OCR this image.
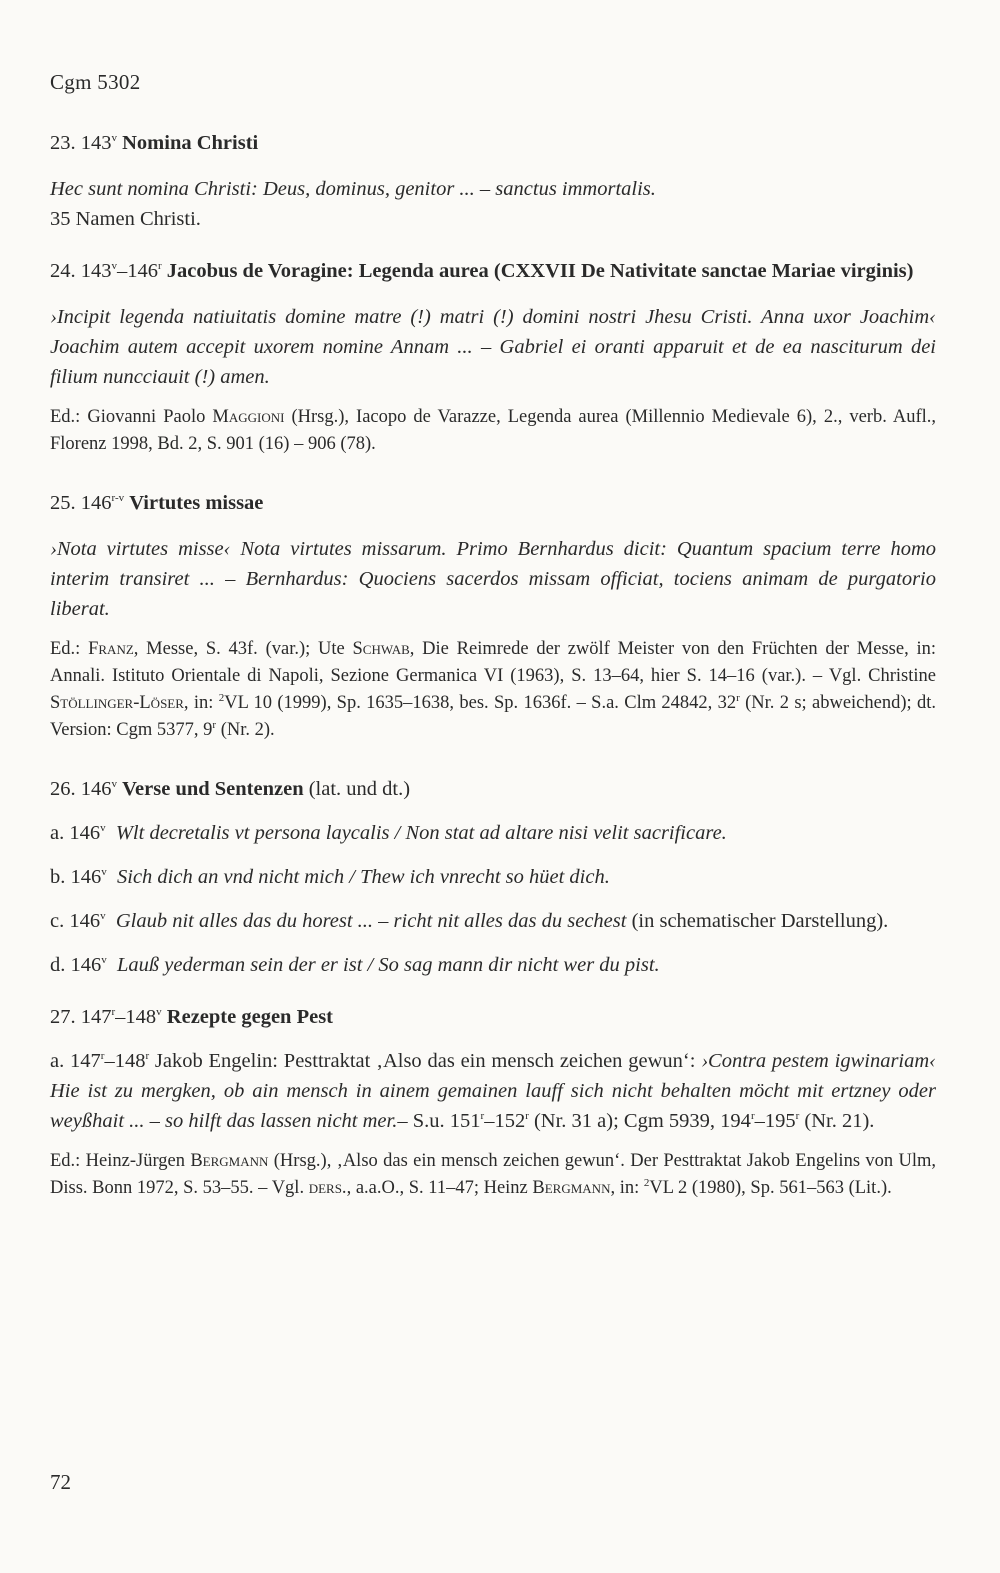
Cgm 5302
23. 143$^v$ Nomina Christi

Hec sunt nomina Christi: Deus, dominus, genitor ... – sanctus immortalis.

35 Namen Christi.

24. 143$^v$–146$^r$ Jacobus de Voragine: Legenda aurea (CXXVII De Nativitate sanctae Mariae virginis)

›Incipit legenda natiuitatis domine matre (!) matri (!) domini nostri Jhesu Cristi. Anna uxor Joachim‹ Joachim autem accepit uxorem nomine Annam ... – Gabriel ei oranti apparuit et de ea nasciturum dei filium nuncciauit (!) amen.

Ed.: Giovanni Paolo Maggioni (Hrsg.), Iacopo de Varazze, Legenda aurea (Millennio Medievale 6), 2., verb. Aufl., Florenz 1998, Bd. 2, S. 901 (16) – 906 (78).

25. 146$^{r-v}$ Virtutes missae

›Nota virtutes misse‹ Nota virtutes missarum. Primo Bernhardus dicit: Quantum spacium terre homo interim transiret ... – Bernhardus: Quociens sacerdos missam officiat, tociens animam de purgatorio liberat.

Ed.: Franz, Messe, S. 43f. (var.); Ute Schwab, Die Reimrede der zwölf Meister von den Früchten der Messe, in: Annali. Istituto Orientale di Napoli, Sezione Germanica VI (1963), S. 13–64, hier S. 14–16 (var.). – Vgl. Christine Stöllinger-Löser, in: $^2$VL 10 (1999), Sp. 1635–1638, bes. Sp. 1636f. – S.a. Clm 24842, 32$^r$ (Nr. 2 s; abweichend); dt. Version: Cgm 5377, 9$^r$ (Nr. 2).

26. 146$^v$ Verse und Sentenzen (lat. und dt.)

a. 146$^v$ Wlt decretalis vt persona laycalis / Non stat ad altare nisi velit sacrificare.

b. 146$^v$ Sich dich an vnd nicht mich / Thew ich vnrecht so hüet dich.

c. 146$^v$ Glaub nit alles das du horest ... – richt nit alles das du sechest (in schematischer Darstellung).

d. 146$^v$ Lauß yederman sein der er ist / So sag mann dir nicht wer du pist.

27. 147$^r$–148$^v$ Rezepte gegen Pest

a. 147$^r$–148$^r$ Jakob Engelin: Pesttraktat ‚Also das ein mensch zeichen gewun‘: ›Contra pestem igwinariam‹ Hie ist zu mergken, ob ain mensch in ainem gemainen lauff sich nicht behalten möcht mit ertzney oder weyßhait ... – so hilft das lassen nicht mer.– S.u. 151$^r$–152$^r$ (Nr. 31 a); Cgm 5939, 194$^r$–195$^r$ (Nr. 21).

Ed.: Heinz-Jürgen Bergmann (Hrsg.), ‚Also das ein mensch zeichen gewun‘. Der Pesttraktat Jakob Engelins von Ulm, Diss. Bonn 1972, S. 53–55. – Vgl. ders., a.a.O., S. 11–47; Heinz Bergmann, in: $^2$VL 2 (1980), Sp. 561–563 (Lit.).

72
